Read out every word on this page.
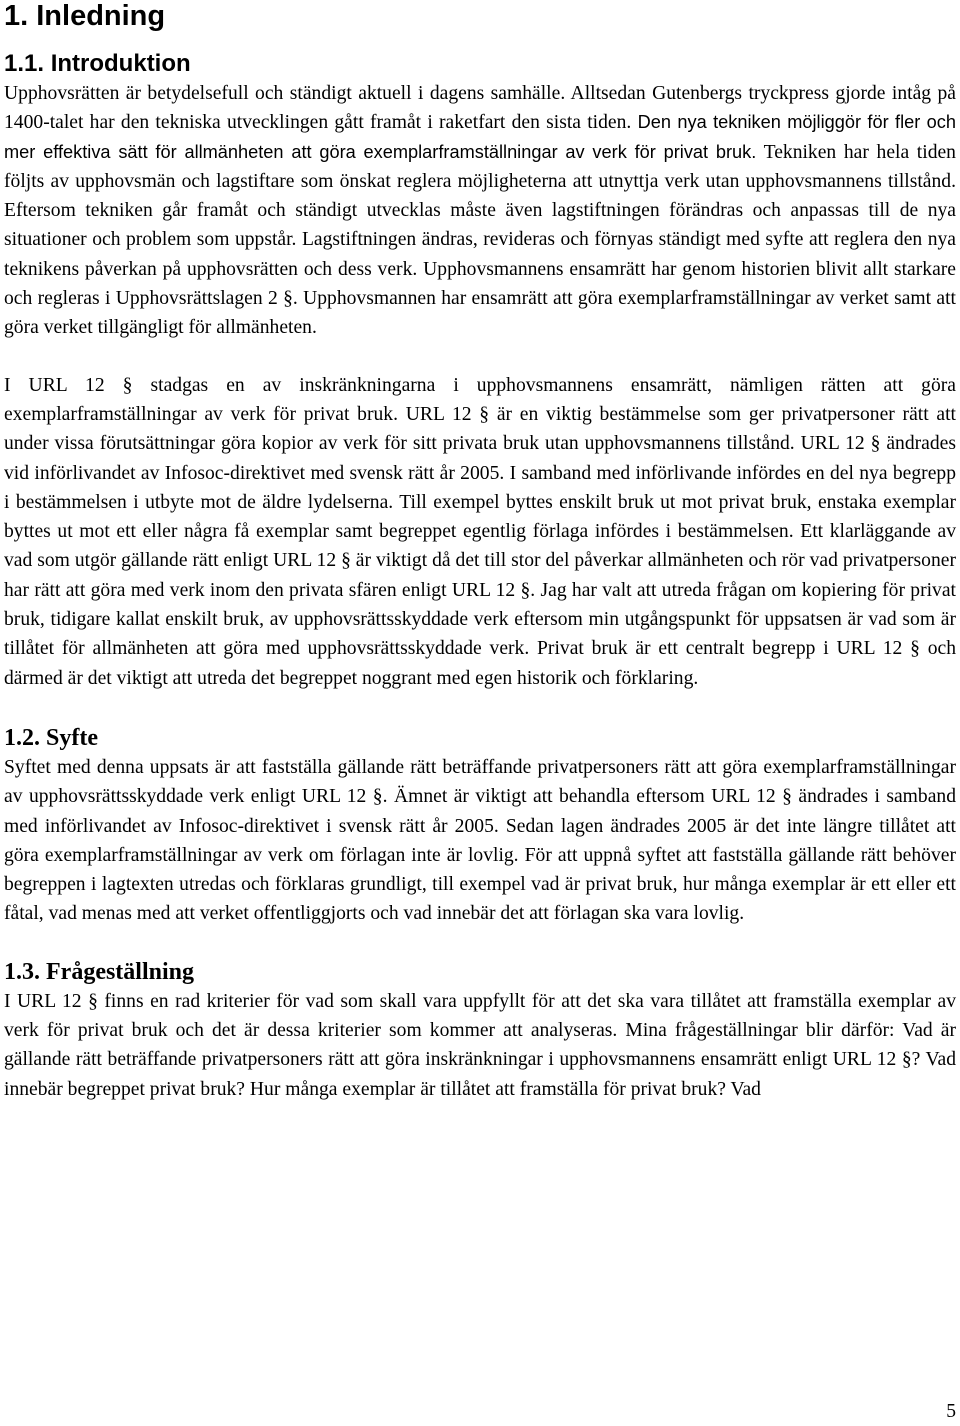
1. Inledning
1.1. Introduktion

Upphovsrätten är betydelsefull och ständigt aktuell i dagens samhälle. Alltsedan Gutenbergs tryckpress gjorde intåg på 1400-talet har den tekniska utvecklingen gått framåt i raketfart den sista tiden. Den nya tekniken möjliggör för fler och mer effektiva sätt för allmänheten att göra exemplarframställningar av verk för privat bruk. Tekniken har hela tiden följts av upphovsmän och lagstiftare som önskat reglera möjligheterna att utnyttja verk utan upphovsmannens tillstånd. Eftersom tekniken går framåt och ständigt utvecklas måste även lagstiftningen förändras och anpassas till de nya situationer och problem som uppstår. Lagstiftningen ändras, revideras och förnyas ständigt med syfte att reglera den nya teknikens påverkan på upphovsrätten och dess verk. Upphovsmannens ensamrätt har genom historien blivit allt starkare och regleras i Upphovsrättslagen 2 §. Upphovsmannen har ensamrätt att göra exemplarframställningar av verket samt att göra verket tillgängligt för allmänheten.

I URL 12 § stadgas en av inskränkningarna i upphovsmannens ensamrätt, nämligen rätten att göra exemplarframställningar av verk för privat bruk. URL 12 § är en viktig bestämmelse som ger privatpersoner rätt att under vissa förutsättningar göra kopior av verk för sitt privata bruk utan upphovsmannens tillstånd. URL 12 § ändrades vid införlivandet av Infosoc-direktivet med svensk rätt år 2005. I samband med införlivande infördes en del nya begrepp i bestämmelsen i utbyte mot de äldre lydelserna. Till exempel byttes enskilt bruk ut mot privat bruk, enstaka exemplar byttes ut mot ett eller några få exemplar samt begreppet egentlig förlaga infördes i bestämmelsen. Ett klarläggande av vad som utgör gällande rätt enligt URL 12 § är viktigt då det till stor del påverkar allmänheten och rör vad privatpersoner har rätt att göra med verk inom den privata sfären enligt URL 12 §. Jag har valt att utreda frågan om kopiering för privat bruk, tidigare kallat enskilt bruk, av upphovsrättsskyddade verk eftersom min utgångspunkt för uppsatsen är vad som är tillåtet för allmänheten att göra med upphovsrättsskyddade verk. Privat bruk är ett centralt begrepp i URL 12 § och därmed är det viktigt att utreda det begreppet noggrant med egen historik och förklaring.

1.2. Syfte

Syftet med denna uppsats är att fastställa gällande rätt beträffande privatpersoners rätt att göra exemplarframställningar av upphovsrättsskyddade verk enligt URL 12 §. Ämnet är viktigt att behandla eftersom URL 12 § ändrades i samband med införlivandet av Infosoc-direktivet i svensk rätt år 2005. Sedan lagen ändrades 2005 är det inte längre tillåtet att göra exemplarframställningar av verk om förlagan inte är lovlig. För att uppnå syftet att fastställa gällande rätt behöver begreppen i lagtexten utredas och förklaras grundligt, till exempel vad är privat bruk, hur många exemplar är ett eller ett fåtal, vad menas med att verket offentliggjorts och vad innebär det att förlagan ska vara lovlig.

1.3. Frågeställning

I URL 12 § finns en rad kriterier för vad som skall vara uppfyllt för att det ska vara tillåtet att framställa exemplar av verk för privat bruk och det är dessa kriterier som kommer att analyseras. Mina frågeställningar blir därför: Vad är gällande rätt beträffande privatpersoners rätt att göra inskränkningar i upphovsmannens ensamrätt enligt URL 12 §? Vad innebär begreppet privat bruk? Hur många exemplar är tillåtet att framställa för privat bruk? Vad

5
